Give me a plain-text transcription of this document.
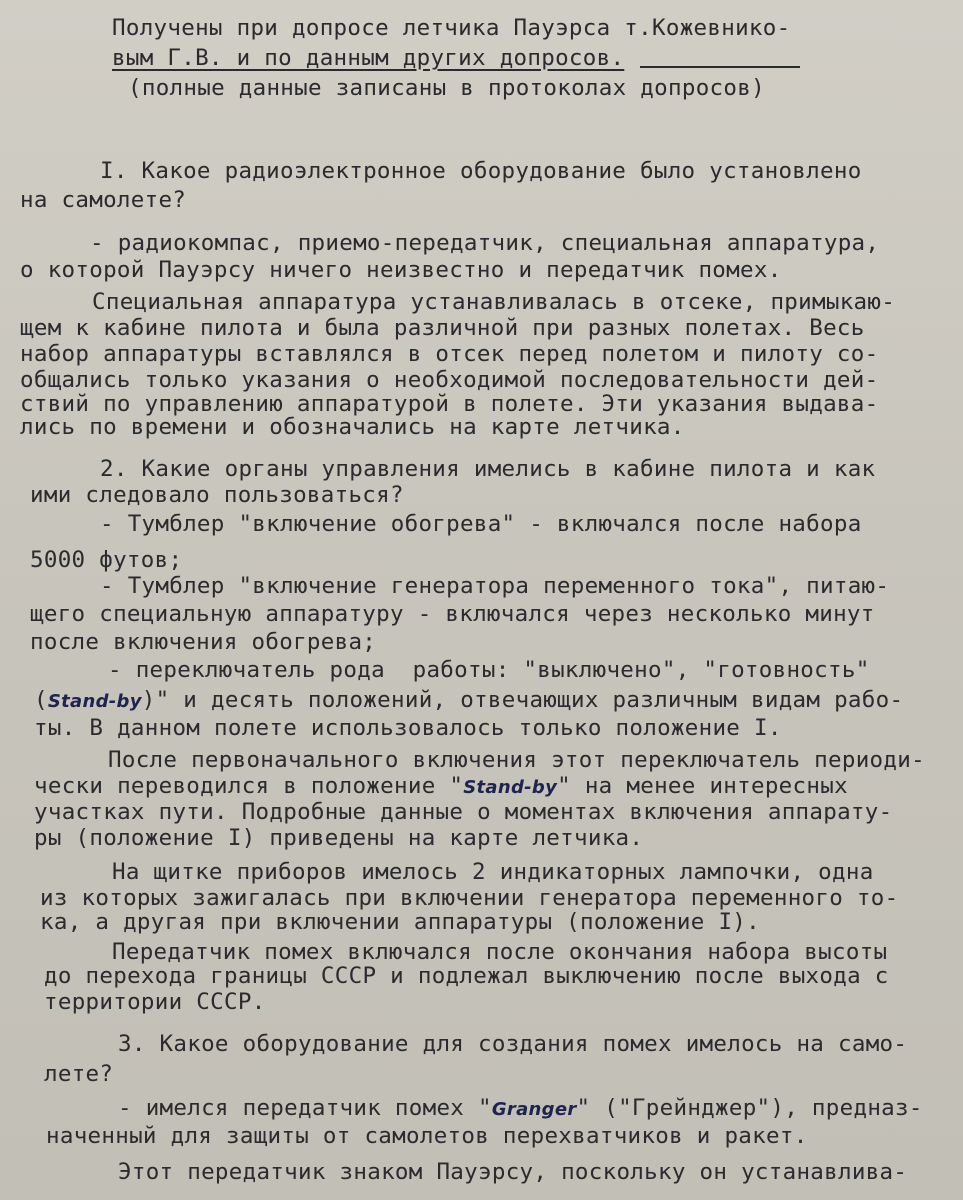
Получены при допросе летчика Пауэрса т.Кожевнико-
вым Г.В. и по данным других допросов.
(полные данные записаны в протоколах допросов)
I. Какое радиоэлектронное оборудование было установлено
на самолете?
- радиокомпас, приемо-передатчик, специальная аппаратура,
о которой Пауэрсу ничего неизвестно и передатчик помех.
Специальная аппаратура устанавливалась в отсеке, примыкаю-
щем к кабине пилота и была различной при разных полетах. Весь
набор аппаратуры вставлялся в отсек перед полетом и пилоту со-
общались только указания о необходимой последовательности дей-
ствий по управлению аппаратурой в полете. Эти указания выдава-
лись по времени и обозначались на карте летчика.
2. Какие органы управления имелись в кабине пилота и как
ими следовало пользоваться?
- Тумблер "включение обогрева" - включался после набора
5000 футов;
- Тумблер "включение генератора переменного тока", питаю-
щего специальную аппаратуру - включался через несколько минут
после включения обогрева;
- переключатель рода  работы: "выключено", "готовность"
(Stand-by)" и десять положений, отвечающих различным видам рабо-
ты. В данном полете использовалось только положение I.
После первоначального включения этот переключатель периоди-
чески переводился в положение "Stand-by" на менее интересных
участках пути. Подробные данные о моментах включения аппарату-
ры (положение I) приведены на карте летчика.
На щитке приборов имелось 2 индикаторных лампочки, одна
из которых зажигалась при включении генератора переменного то-
ка, а другая при включении аппаратуры (положение I).
Передатчик помех включался после окончания набора высоты
до перехода границы СССР и подлежал выключению после выхода с
территории СССР.
3. Какое оборудование для создания помех имелось на само-
лете?
- имелся передатчик помех "Granger" ("Грейнджер"), предназ-
наченный для защиты от самолетов перехватчиков и ракет.
Этот передатчик знаком Пауэрсу, поскольку он устанавлива-
